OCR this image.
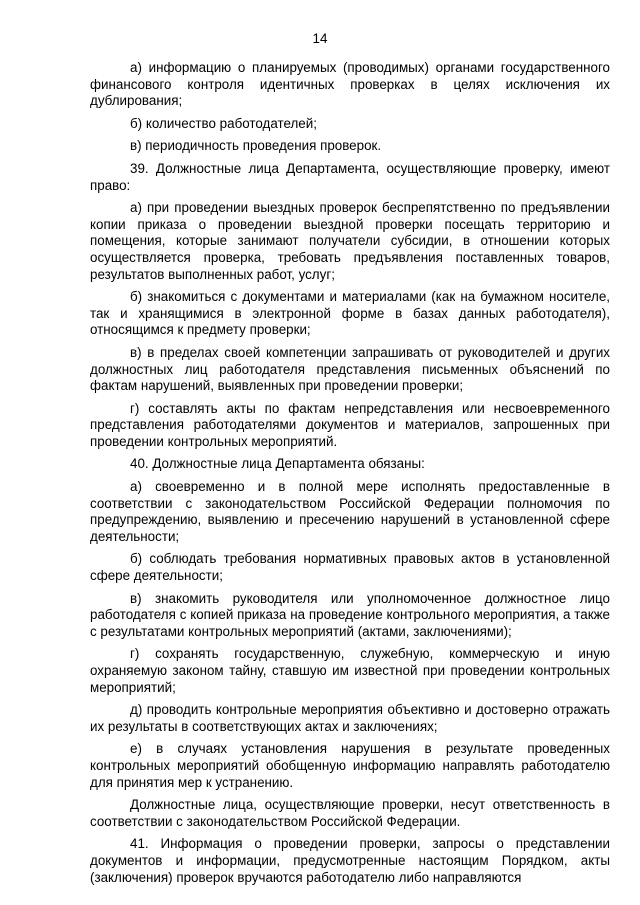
14

а) информацию о планируемых (проводимых) органами государственного финансового контроля идентичных проверках в целях исключения их дублирования;

б) количество работодателей;

в) периодичность проведения проверок.

39. Должностные лица Департамента, осуществляющие проверку, имеют право:

а) при проведении выездных проверок беспрепятственно по предъявлении копии приказа о проведении выездной проверки посещать территорию и помещения, которые занимают получатели субсидии, в отношении которых осуществляется проверка, требовать предъявления поставленных товаров, результатов выполненных работ, услуг;

б) знакомиться с документами и материалами (как на бумажном носителе, так и хранящимися в электронной форме в базах данных работодателя), относящимся к предмету проверки;

в) в пределах своей компетенции запрашивать от руководителей и других должностных лиц работодателя представления письменных объяснений по фактам нарушений, выявленных при проведении проверки;

г) составлять акты по фактам непредставления или несвоевременного представления работодателями документов и материалов, запрошенных при проведении контрольных мероприятий.

40. Должностные лица Департамента обязаны:

а) своевременно и в полной мере исполнять предоставленные в соответствии с законодательством Российской Федерации полномочия по предупреждению, выявлению и пресечению нарушений в установленной сфере деятельности;

б) соблюдать требования нормативных правовых актов в установленной сфере деятельности;

в) знакомить руководителя или уполномоченное должностное лицо работодателя с копией приказа на проведение контрольного мероприятия, а также с результатами контрольных мероприятий (актами, заключениями);

г) сохранять государственную, служебную, коммерческую и иную охраняемую законом тайну, ставшую им известной при проведении контрольных мероприятий;

д) проводить контрольные мероприятия объективно и достоверно отражать их результаты в соответствующих актах и заключениях;

е) в случаях установления нарушения в результате проведенных контрольных мероприятий обобщенную информацию направлять работодателю для принятия мер к устранению.

Должностные лица, осуществляющие проверки, несут ответственность в соответствии с законодательством Российской Федерации.

41. Информация о проведении проверки, запросы о представлении документов и информации, предусмотренные настоящим Порядком, акты (заключения) проверок вручаются работодателю либо направляются
